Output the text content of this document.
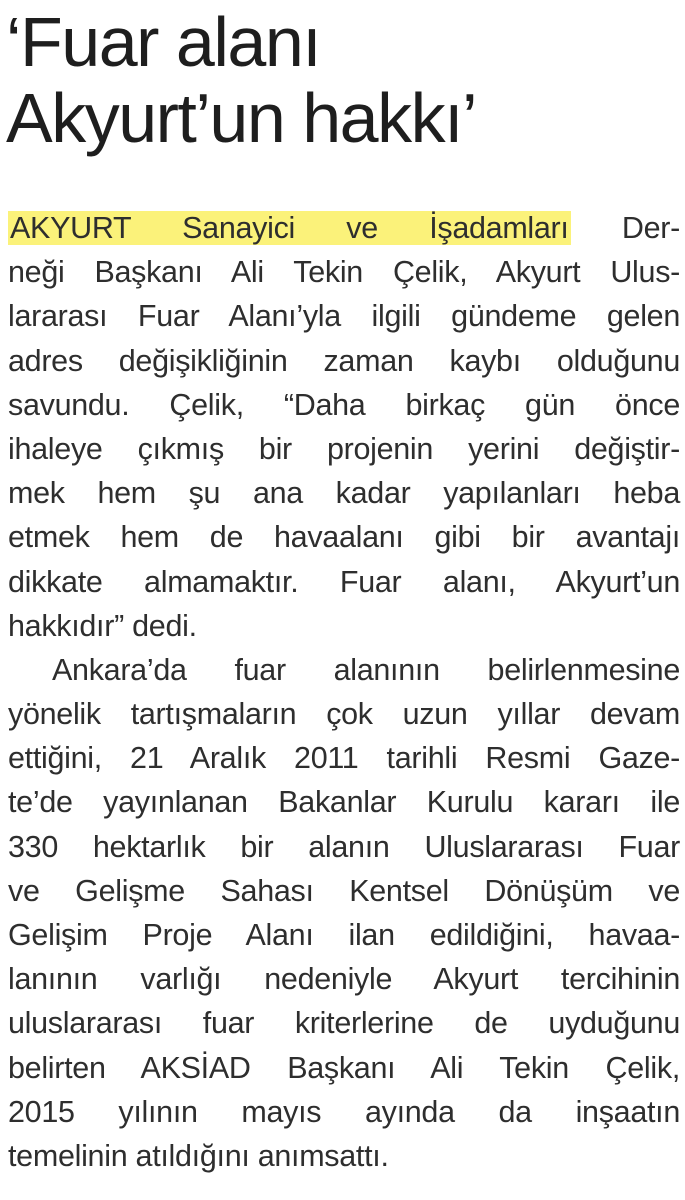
‘Fuar alanı
Akyurt’un hakkı’
AKYURT Sanayici ve İşadamları Der-
neği Başkanı Ali Tekin Çelik, Akyurt Ulus-
lararası Fuar Alanı’yla ilgili gündeme gelen
adres değişikliğinin zaman kaybı olduğunu
savundu. Çelik, “Daha birkaç gün önce
ihaleye çıkmış bir projenin yerini değiştir-
mek hem şu ana kadar yapılanları heba
etmek hem de havaalanı gibi bir avantajı
dikkate almamaktır. Fuar alanı, Akyurt’un
hakkıdır” dedi.
Ankara’da fuar alanının belirlenmesine
yönelik tartışmaların çok uzun yıllar devam
ettiğini, 21 Aralık 2011 tarihli Resmi Gaze-
te’de yayınlanan Bakanlar Kurulu kararı ile
330 hektarlık bir alanın Uluslararası Fuar
ve Gelişme Sahası Kentsel Dönüşüm ve
Gelişim Proje Alanı ilan edildiğini, havaa-
lanının varlığı nedeniyle Akyurt tercihinin
uluslararası fuar kriterlerine de uyduğunu
belirten AKSİAD Başkanı Ali Tekin Çelik,
2015 yılının mayıs ayında da inşaatın
temelinin atıldığını anımsattı.
